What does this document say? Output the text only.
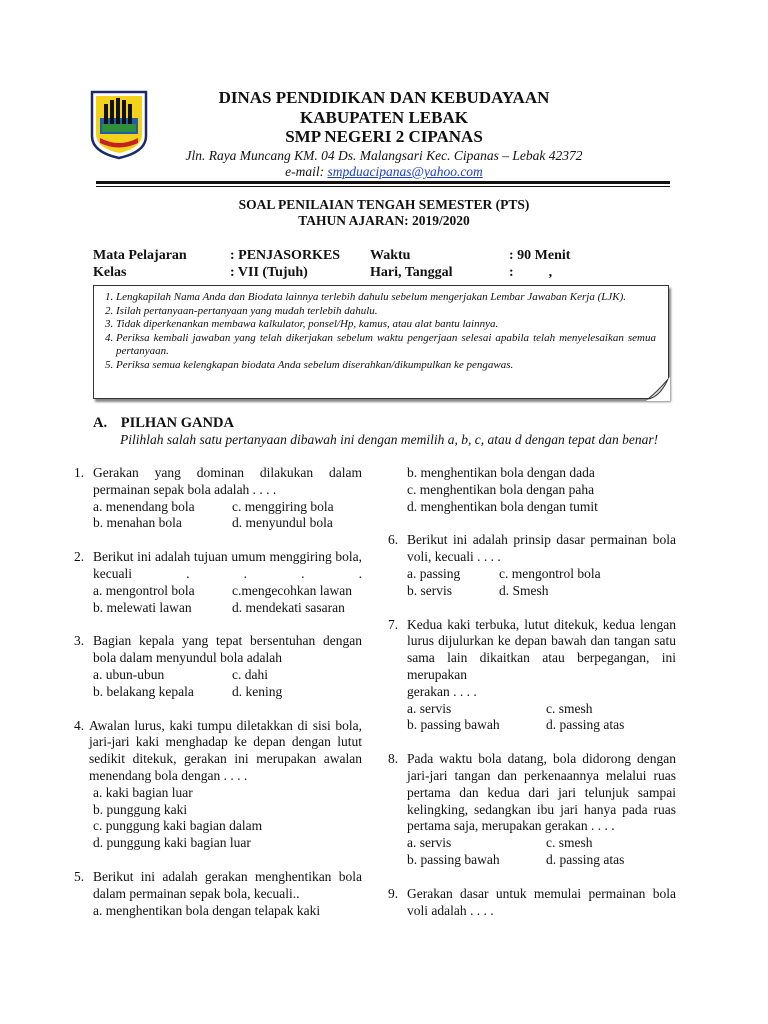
DINAS PENDIDIKAN DAN KEBUDAYAAN
KABUPATEN LEBAK
SMP NEGERI 2 CIPANAS
Jln. Raya Muncang KM. 04 Ds. Malangsari Kec. Cipanas – Lebak 42372
e-mail: smpduacipanas@yahoo.com
SOAL PENILAIAN TENGAH SEMESTER (PTS)
TAHUN AJARAN: 2019/2020
Mata Pelajaran	: PENJASORKES Waktu	: 90 Menit
Kelas	: VII (Tujuh)	Hari, Tanggal	:          ,
1. Lengkapilah Nama Anda dan Biodata lainnya terlebih dahulu sebelum mengerjakan Lembar Jawaban Kerja (LJK).
2. Isilah pertanyaan-pertanyaan yang mudah terlebih dahulu.
3. Tidak diperkenankan membawa kalkulator, ponsel/Hp, kamus, atau alat bantu lainnya.
4. Periksa kembali jawaban yang telah dikerjakan sebelum waktu pengerjaan selesai apabila telah menyelesaikan semua pertanyaan.
5. Periksa semua kelengkapan biodata Anda sebelum diserahkan/dikumpulkan ke pengawas.
A. PILHAN GANDA
Pilihlah salah satu pertanyaan dibawah ini dengan memilih a, b, c, atau d dengan tepat dan benar!
1. Gerakan yang dominan dilakukan dalam permainan sepak bola adalah . . . .
a. menendang bola	c. menggiring bola
b. menahan bola	d. menyundul bola
2. Berikut ini adalah tujuan umum menggiring bola, kecuali . . . .
a. mengontrol bola	c.mengecohkan lawan
b. melewati lawan	d. mendekati sasaran
3. Bagian kepala yang tepat bersentuhan dengan bola dalam menyundul bola adalah
a. ubun-ubun	c. dahi
b. belakang kepala	d. kening
4. Awalan lurus, kaki tumpu diletakkan di sisi bola, jari-jari kaki menghadap ke depan dengan lutut sedikit ditekuk, gerakan ini merupakan awalan menendang bola dengan . . . .
a. kaki bagian luar
b. punggung kaki
c. punggung kaki bagian dalam
d. punggung kaki bagian luar
5. Berikut ini adalah gerakan menghentikan bola dalam permainan sepak bola, kecuali..
a. menghentikan bola dengan telapak kaki
b. menghentikan bola dengan dada
c. menghentikan bola dengan paha
d. menghentikan bola dengan tumit
6. Berikut ini adalah prinsip dasar permainan bola voli, kecuali . . . .
a. passing	c. mengontrol bola
b. servis	d. Smesh
7. Kedua kaki terbuka, lutut ditekuk, kedua lengan lurus dijulurkan ke depan bawah dan tangan satu sama lain dikaitkan atau berpegangan, ini merupakan
gerakan . . . .
a. servis	c. smesh
b. passing bawah	d. passing atas
8. Pada waktu bola datang, bola didorong dengan jari-jari tangan dan perkenaannya melalui ruas pertama dan kedua dari jari telunjuk sampai kelingking, sedangkan ibu jari hanya pada ruas pertama saja, merupakan gerakan . . . .
a. servis	c. smesh
b. passing bawah	d. passing atas
9. Gerakan dasar untuk memulai permainan bola voli adalah . . . .
